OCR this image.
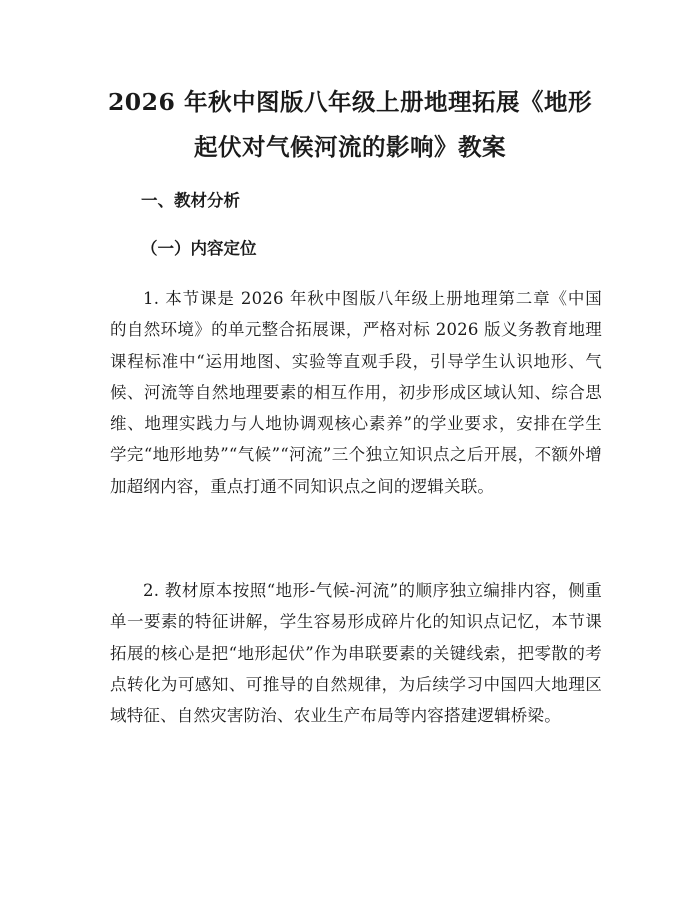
2026 年秋中图版八年级上册地理拓展《地形
起伏对气候河流的影响》教案
一、教材分析
（一）内容定位

1. 本节课是 2026 年秋中图版八年级上册地理第二章《中国的自然环境》的单元整合拓展课，严格对标 2026 版义务教育地理课程标准中“运用地图、实验等直观手段，引导学生认识地形、气候、河流等自然地理要素的相互作用，初步形成区域认知、综合思维、地理实践力与人地协调观核心素养”的学业要求，安排在学生学完“地形地势”“气候”“河流”三个独立知识点之后开展，不额外增加超纲内容，重点打通不同知识点之间的逻辑关联。

2. 教材原本按照“地形-气候-河流”的顺序独立编排内容，侧重单一要素的特征讲解，学生容易形成碎片化的知识点记忆，本节课拓展的核心是把“地形起伏”作为串联要素的关键线索，把零散的考点转化为可感知、可推导的自然规律，为后续学习中国四大地理区域特征、自然灾害防治、农业生产布局等内容搭建逻辑桥梁。
